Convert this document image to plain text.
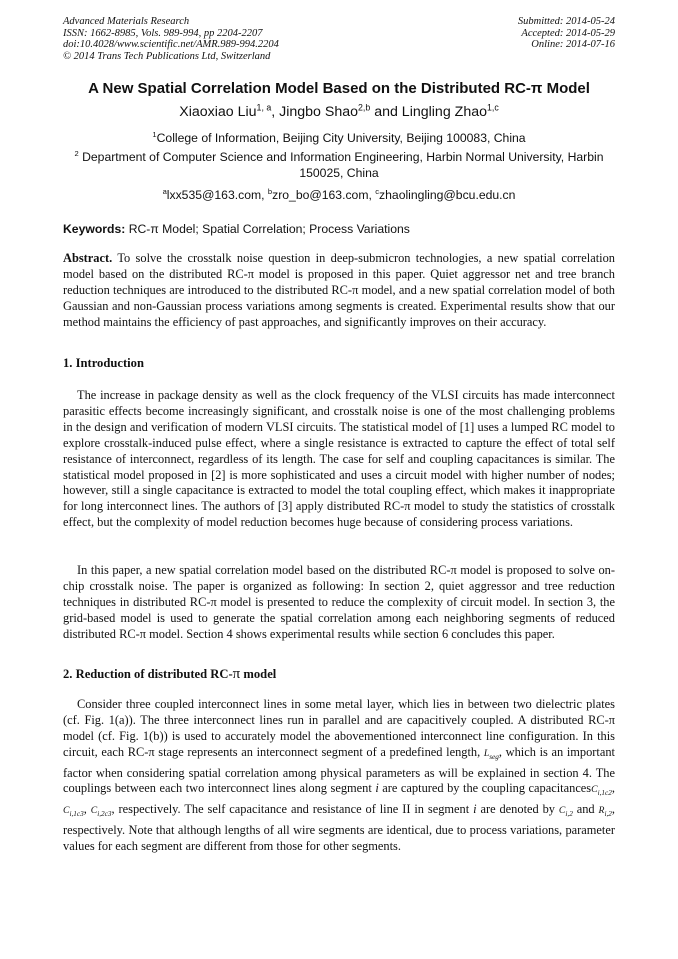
Advanced Materials Research
ISSN: 1662-8985, Vols. 989-994, pp 2204-2207
doi:10.4028/www.scientific.net/AMR.989-994.2204
© 2014 Trans Tech Publications Ltd, Switzerland
Submitted: 2014-05-24
Accepted: 2014-05-29
Online: 2014-07-16
A New Spatial Correlation Model Based on the Distributed RC-π Model
Xiaoxiao Liu$^{1, a}$, Jingbo Shao$^{2,b}$ and Lingling Zhao$^{1,c}$
$^1$College of Information, Beijing City University, Beijing 100083, China
$^2$ Department of Computer Science and Information Engineering, Harbin Normal University, Harbin 150025, China
$^a$lxx535@163.com, $^b$zro_bo@163.com, $^c$zhaolingling@bcu.edu.cn
Keywords: RC-π Model; Spatial Correlation; Process Variations
Abstract. To solve the crosstalk noise question in deep-submicron technologies, a new spatial correlation model based on the distributed RC-π model is proposed in this paper. Quiet aggressor net and tree branch reduction techniques are introduced to the distributed RC-π model, and a new spatial correlation model of both Gaussian and non-Gaussian process variations among segments is created. Experimental results show that our method maintains the efficiency of past approaches, and significantly improves on their accuracy.
1. Introduction
The increase in package density as well as the clock frequency of the VLSI circuits has made interconnect parasitic effects become increasingly significant, and crosstalk noise is one of the most challenging problems in the design and verification of modern VLSI circuits. The statistical model of [1] uses a lumped RC model to explore crosstalk-induced pulse effect, where a single resistance is extracted to capture the effect of total self resistance of interconnect, regardless of its length. The case for self and coupling capacitances is similar. The statistical model proposed in [2] is more sophisticated and uses a circuit model with higher number of nodes; however, still a single capacitance is extracted to model the total coupling effect, which makes it inappropriate for long interconnect lines. The authors of [3] apply distributed RC-π model to study the statistics of crosstalk effect, but the complexity of model reduction becomes huge because of considering process variations.
In this paper, a new spatial correlation model based on the distributed RC-π model is proposed to solve on-chip crosstalk noise. The paper is organized as following: In section 2, quiet aggressor and tree reduction techniques in distributed RC-π model is presented to reduce the complexity of circuit model. In section 3, the grid-based model is used to generate the spatial correlation among each neighboring segments of reduced distributed RC-π model. Section 4 shows experimental results while section 6 concludes this paper.
2. Reduction of distributed RC-π model
Consider three coupled interconnect lines in some metal layer, which lies in between two dielectric plates (cf. Fig. 1(a)). The three interconnect lines run in parallel and are capacitively coupled. A distributed RC-π model (cf. Fig. 1(b)) is used to accurately model the abovementioned interconnect line configuration. In this circuit, each RC-π stage represents an interconnect segment of a predefined length, $L_{seg}$, which is an important factor when considering spatial correlation among physical parameters as will be explained in section 4. The couplings between each two interconnect lines along segment i are captured by the coupling capacitancesC$_{i,1c2}$, $C_{i,1c3}$, $C_{i,2c3}$, respectively. The self capacitance and resistance of line II in segment i are denoted by $C_{i,2}$ and $R_{i,2}$, respectively. Note that although lengths of all wire segments are identical, due to process variations, parameter values for each segment are different from those for other segments.
